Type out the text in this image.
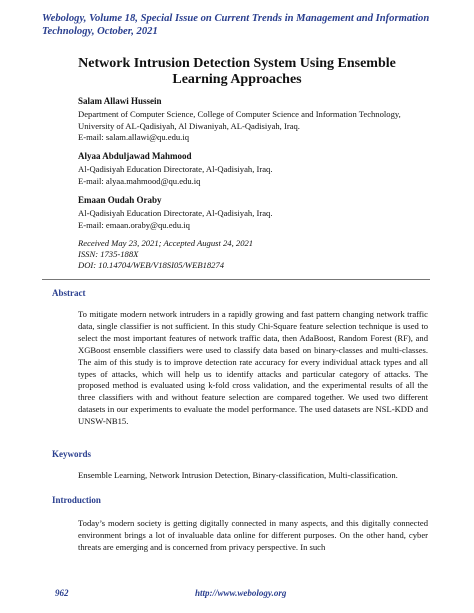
Webology, Volume 18, Special Issue on Current Trends in Management and Information
Technology, October, 2021
Network Intrusion Detection System Using Ensemble
Learning Approaches
Salam Allawi Hussein
Department of Computer Science, College of Computer Science and Information Technology,
University of AL-Qadisiyah, Al Diwaniyah, AL-Qadisiyah, Iraq.
E-mail: salam.allawi@qu.edu.iq
Alyaa Abduljawad Mahmood
Al-Qadisiyah Education Directorate, Al-Qadisiyah, Iraq.
E-mail: alyaa.mahmood@qu.edu.iq
Emaan Oudah Oraby
Al-Qadisiyah Education Directorate, Al-Qadisiyah, Iraq.
E-mail: emaan.oraby@qu.edu.iq
Received May 23, 2021; Accepted August 24, 2021
ISSN: 1735-188X
DOI: 10.14704/WEB/V18SI05/WEB18274
Abstract
To mitigate modern network intruders in a rapidly growing and fast pattern changing network traffic data, single classifier is not sufficient. In this study Chi-Square feature selection technique is used to select the most important features of network traffic data, then AdaBoost, Random Forest (RF), and XGBoost ensemble classifiers were used to classify data based on binary-classes and multi-classes. The aim of this study is to improve detection rate accuracy for every individual attack types and all types of attacks, which will help us to identify attacks and particular category of attacks. The proposed method is evaluated using k-fold cross validation, and the experimental results of all the three classifiers with and without feature selection are compared together. We used two different datasets in our experiments to evaluate the model performance. The used datasets are NSL-KDD and UNSW-NB15.
Keywords
Ensemble Learning, Network Intrusion Detection, Binary-classification, Multi-classification.
Introduction
Today’s modern society is getting digitally connected in many aspects, and this digitally connected environment brings a lot of invaluable data online for different purposes. On the other hand, cyber threats are emerging and is concerned from privacy perspective. In such
962	http://www.webology.org
